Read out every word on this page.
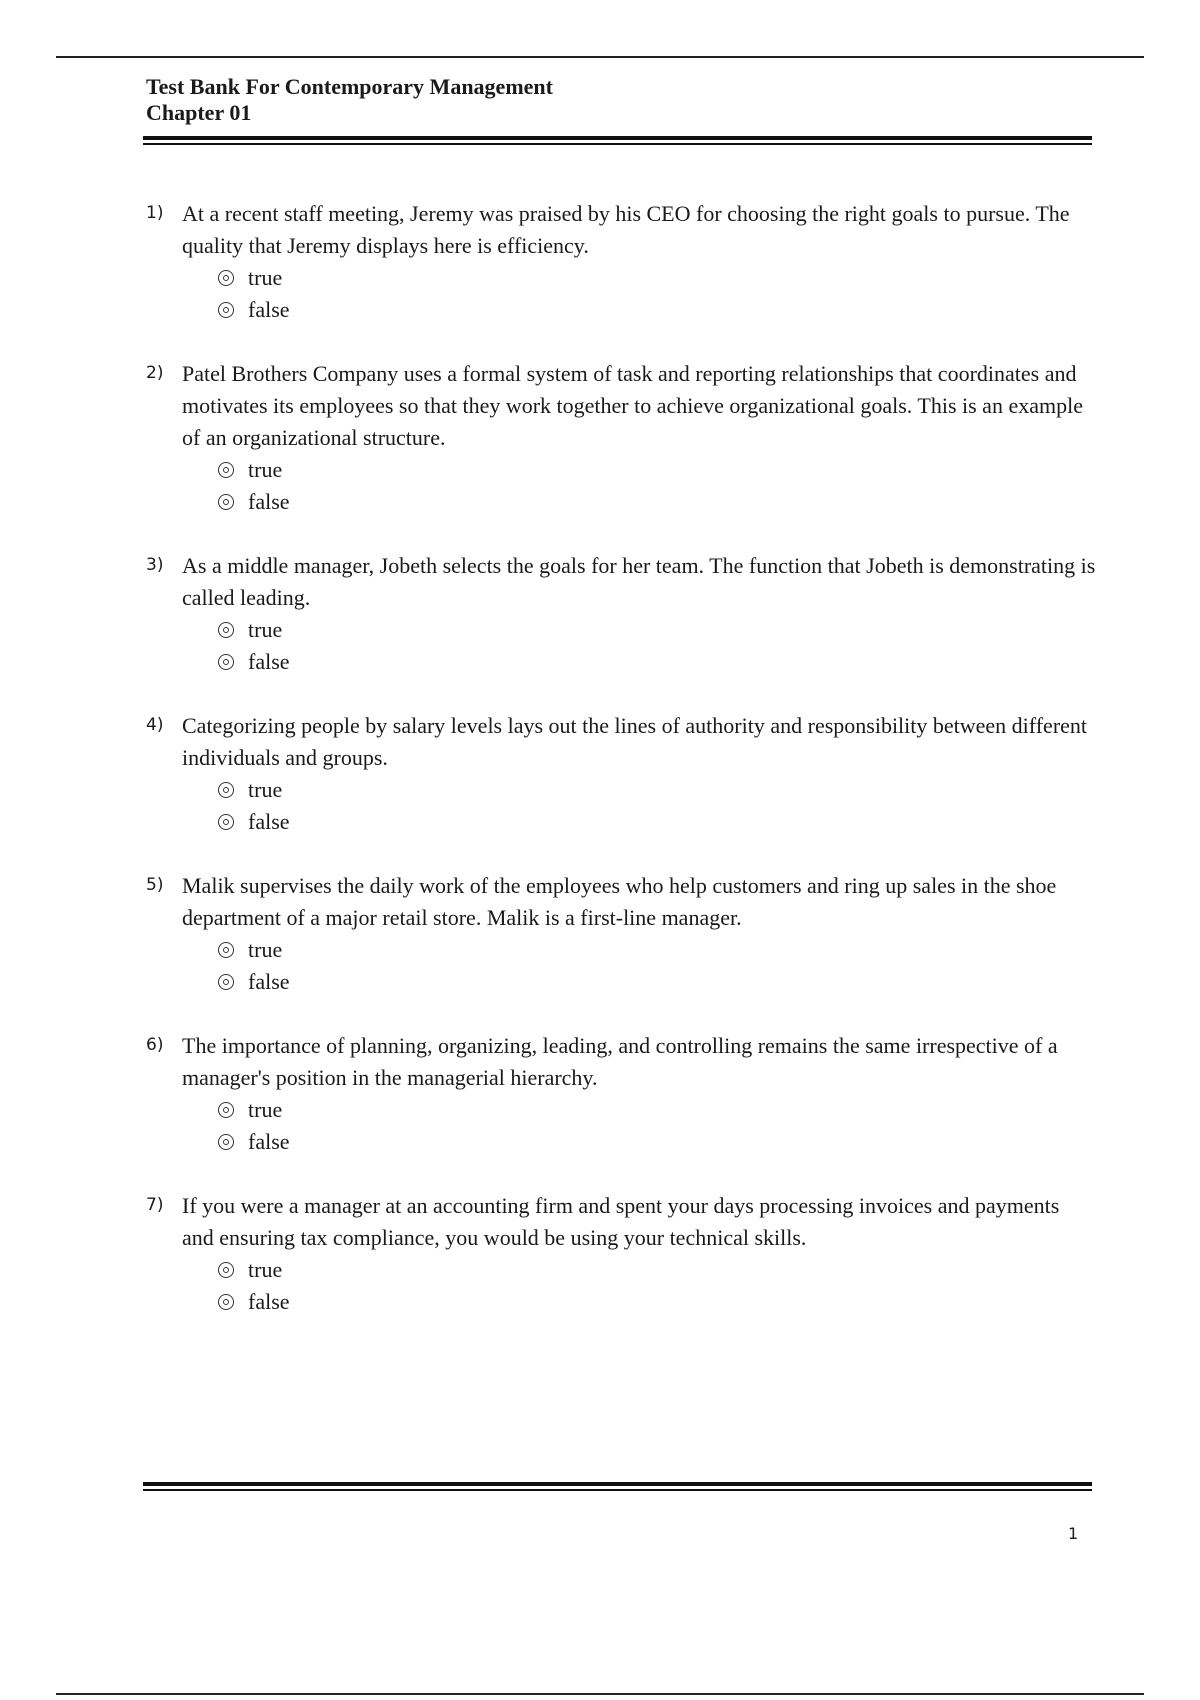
Test Bank For Contemporary Management

Chapter 01

1) At a recent staff meeting, Jeremy was praised by his CEO for choosing the right goals to pursue. The quality that Jeremy displays here is efficiency.
true
false
2) Patel Brothers Company uses a formal system of task and reporting relationships that coordinates and motivates its employees so that they work together to achieve organizational goals. This is an example of an organizational structure.
true
false
3) As a middle manager, Jobeth selects the goals for her team. The function that Jobeth is demonstrating is called leading.
true
false
4) Categorizing people by salary levels lays out the lines of authority and responsibility between different individuals and groups.
true
false
5) Malik supervises the daily work of the employees who help customers and ring up sales in the shoe department of a major retail store. Malik is a first-line manager.
true
false
6) The importance of planning, organizing, leading, and controlling remains the same irrespective of a manager's position in the managerial hierarchy.
true
false
7) If you were a manager at an accounting firm and spent your days processing invoices and payments and ensuring tax compliance, you would be using your technical skills.
true
false
1
